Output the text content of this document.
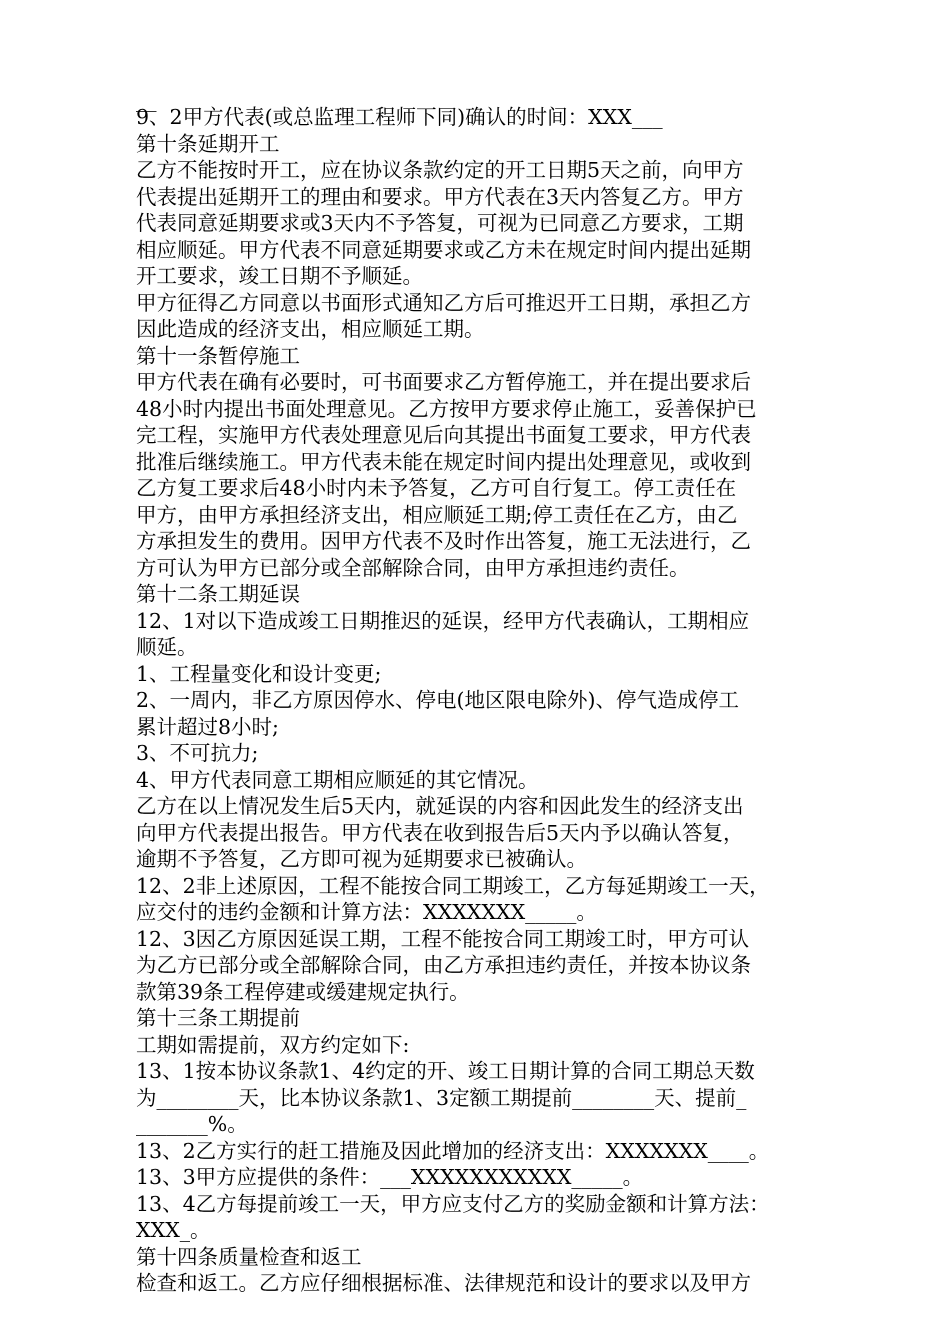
__
9、2甲方代表(或总监理工程师下同)确认的时间：XXX___
第十条延期开工
乙方不能按时开工，应在协议条款约定的开工日期5天之前，向甲方
代表提出延期开工的理由和要求。甲方代表在3天内答复乙方。甲方
代表同意延期要求或3天内不予答复，可视为已同意乙方要求，工期
相应顺延。甲方代表不同意延期要求或乙方未在规定时间内提出延期
开工要求，竣工日期不予顺延。
甲方征得乙方同意以书面形式通知乙方后可推迟开工日期，承担乙方
因此造成的经济支出，相应顺延工期。
第十一条暂停施工
甲方代表在确有必要时，可书面要求乙方暂停施工，并在提出要求后
48小时内提出书面处理意见。乙方按甲方要求停止施工，妥善保护已
完工程，实施甲方代表处理意见后向其提出书面复工要求，甲方代表
批准后继续施工。甲方代表未能在规定时间内提出处理意见，或收到
乙方复工要求后48小时内未予答复，乙方可自行复工。停工责任在
甲方，由甲方承担经济支出，相应顺延工期;停工责任在乙方，由乙
方承担发生的费用。因甲方代表不及时作出答复，施工无法进行，乙
方可认为甲方已部分或全部解除合同，由甲方承担违约责任。
第十二条工期延误
12、1对以下造成竣工日期推迟的延误，经甲方代表确认，工期相应
顺延。
1、工程量变化和设计变更;
2、一周内，非乙方原因停水、停电(地区限电除外)、停气造成停工
累计超过8小时;
3、不可抗力;
4、甲方代表同意工期相应顺延的其它情况。
乙方在以上情况发生后5天内，就延误的内容和因此发生的经济支出
向甲方代表提出报告。甲方代表在收到报告后5天内予以确认答复，
逾期不予答复，乙方即可视为延期要求已被确认。
12、2非上述原因，工程不能按合同工期竣工，乙方每延期竣工一天，
应交付的违约金额和计算方法：XXXXXXX_____。
12、3因乙方原因延误工期，工程不能按合同工期竣工时，甲方可认
为乙方已部分或全部解除合同，由乙方承担违约责任，并按本协议条
款第39条工程停建或缓建规定执行。
第十三条工期提前
工期如需提前，双方约定如下:
13、1按本协议条款1、4约定的开、竣工日期计算的合同工期总天数
为________天，比本协议条款1、3定额工期提前________天、提前_
_______%。
13、2乙方实行的赶工措施及因此增加的经济支出：XXXXXXX____。
13、3甲方应提供的条件：___XXXXXXXXXXX_____。
13、4乙方每提前竣工一天，甲方应支付乙方的奖励金额和计算方法：
XXX_。
第十四条质量检查和返工
检查和返工。乙方应仔细根据标准、法律规范和设计的要求以及甲方
